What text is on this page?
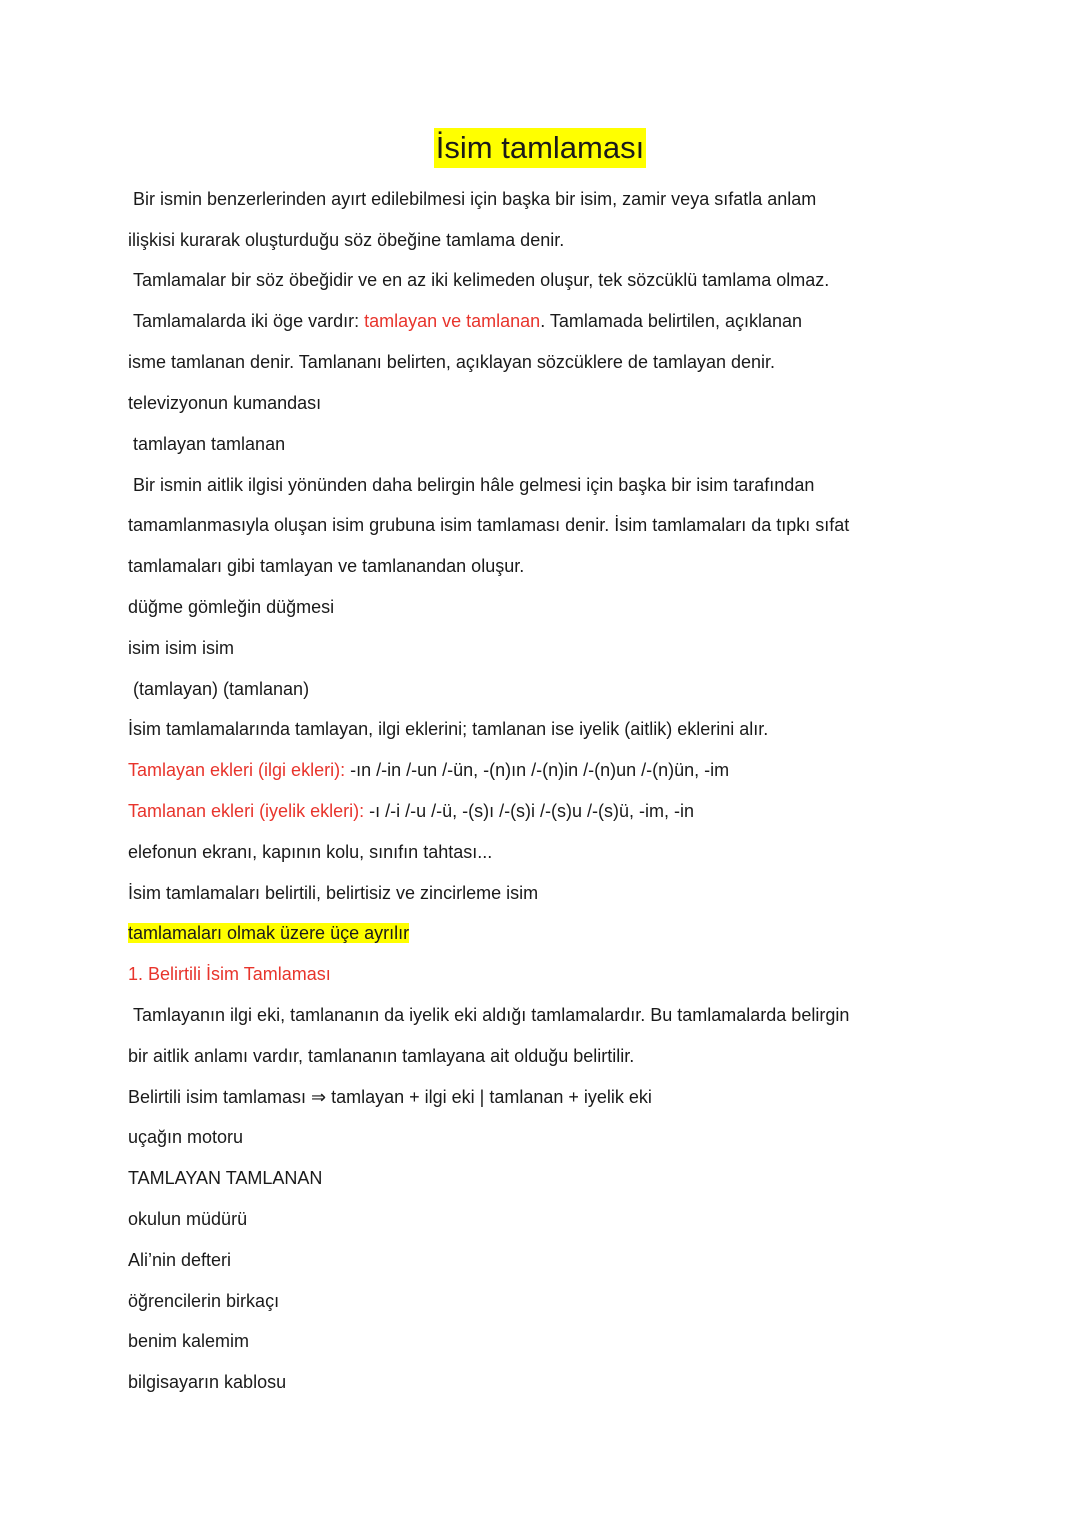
İsim tamlaması
Bir ismin benzerlerinden ayırt edilebilmesi için başka bir isim, zamir veya sıfatla anlam
ilişkisi kurarak oluşturduğu söz öbeğine tamlama denir.
Tamlamalar bir söz öbeğidir ve en az iki kelimeden oluşur, tek sözcüklü tamlama olmaz.
Tamlamalarda iki öge vardır: tamlayan ve tamlanan. Tamlamada belirtilen, açıklanan
isme tamlanan denir. Tamlananı belirten, açıklayan sözcüklere de tamlayan denir.
televizyonun kumandası
tamlayan tamlanan
Bir ismin aitlik ilgisi yönünden daha belirgin hâle gelmesi için başka bir isim tarafından
tamamlanmasıyla oluşan isim grubuna isim tamlaması denir. İsim tamlamaları da tıpkı sıfat
tamlamaları gibi tamlayan ve tamlanandan oluşur.
düğme gömleğin düğmesi
isim isim isim
(tamlayan) (tamlanan)
İsim tamlamalarında tamlayan, ilgi eklerini; tamlanan ise iyelik (aitlik) eklerini alır.
Tamlayan ekleri (ilgi ekleri): -ın /-in /-un /-ün, -(n)ın /-(n)in /-(n)un /-(n)ün, -im
Tamlanan ekleri (iyelik ekleri): -ı /-i /-u /-ü, -(s)ı /-(s)i /-(s)u /-(s)ü, -im, -in
elefonun ekranı, kapının kolu, sınıfın tahtası...
İsim tamlamaları belirtili, belirtisiz ve zincirleme isim
tamlamaları olmak üzere üçe ayrılır
1. Belirtili İsim Tamlaması
Tamlayanın ilgi eki, tamlananın da iyelik eki aldığı tamlamalardır. Bu tamlamalarda belirgin
bir aitlik anlamı vardır, tamlananın tamlayana ait olduğu belirtilir.
Belirtili isim tamlaması ⇒ tamlayan + ilgi eki | tamlanan + iyelik eki
uçağın motoru
TAMLAYAN TAMLANAN
okulun müdürü
Ali’nin defteri
öğrencilerin birkaçı
benim kalemim
bilgisayarın kablosu
